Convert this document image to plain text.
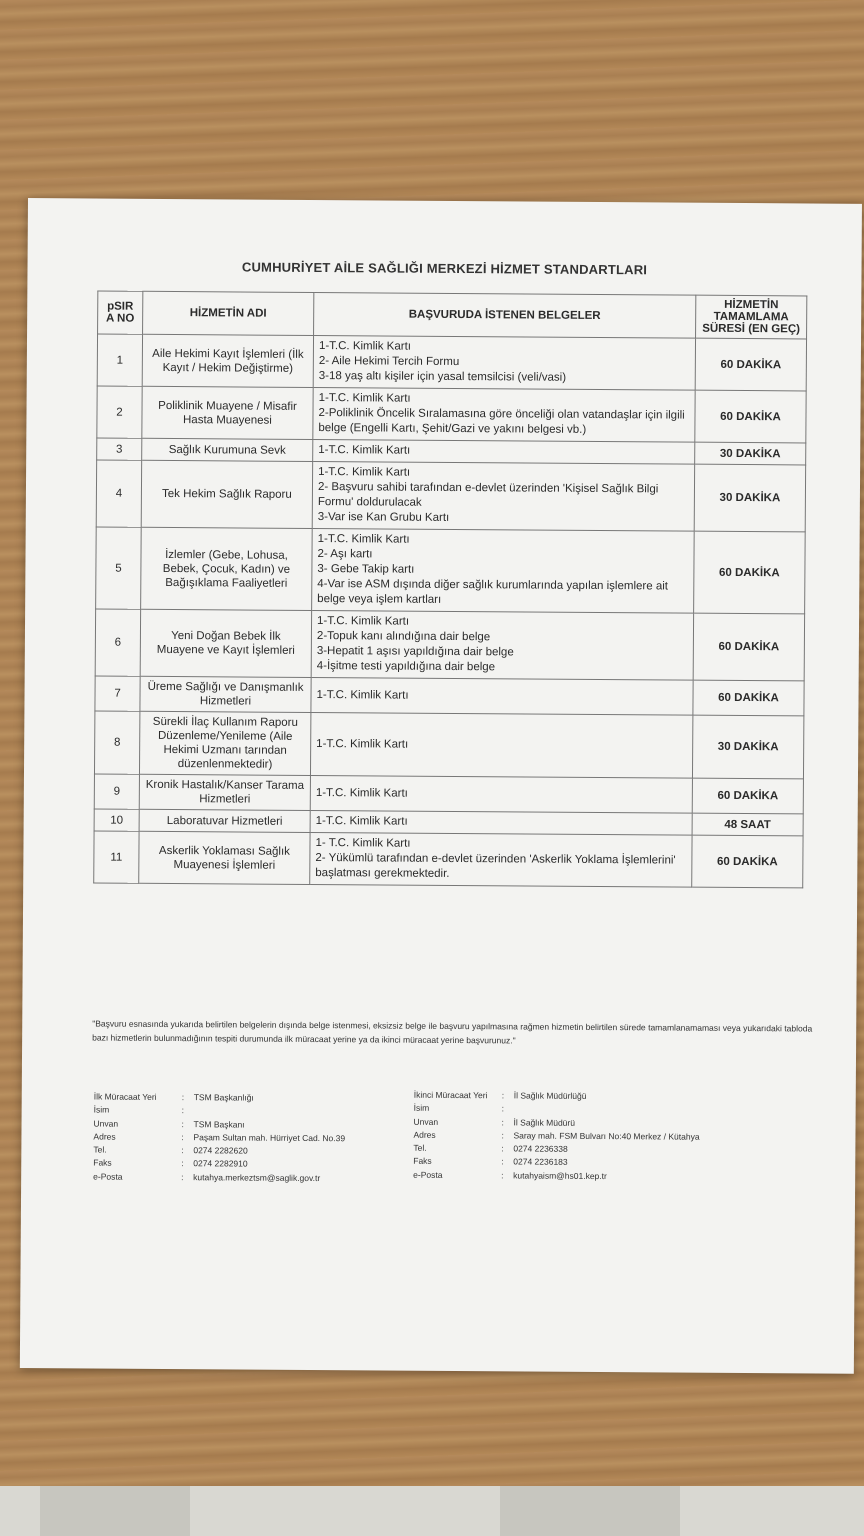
CUMHURİYET AİLE SAĞLIĞI MERKEZİ HİZMET STANDARTLARI
pSIR A NO	HİZMETİN ADI	BAŞVURUDA İSTENEN BELGELER	HİZMETİN TAMAMLAMA SÜRESİ (EN GEÇ)
1	Aile Hekimi Kayıt İşlemleri (İlk Kayıt / Hekim Değiştirme)	1-T.C. Kimlik Kartı
2- Aile Hekimi Tercih Formu
3-18 yaş altı kişiler için yasal temsilcisi (veli/vasi)	60 DAKİKA
2	Poliklinik Muayene / Misafir Hasta Muayenesi	1-T.C. Kimlik Kartı
2-Poliklinik Öncelik Sıralamasına göre önceliği olan vatandaşlar için ilgili belge (Engelli Kartı, Şehit/Gazi ve yakını belgesi vb.)	60 DAKİKA
3	Sağlık Kurumuna Sevk	1-T.C. Kimlik Kartı	30 DAKİKA
4	Tek Hekim Sağlık Raporu	1-T.C. Kimlik Kartı
2- Başvuru sahibi tarafından e-devlet üzerinden 'Kişisel Sağlık Bilgi Formu' doldurulacak
3-Var ise Kan Grubu Kartı	30 DAKİKA
5	İzlemler (Gebe, Lohusa, Bebek, Çocuk, Kadın) ve Bağışıklama Faaliyetleri	1-T.C. Kimlik Kartı
2- Aşı kartı
3- Gebe Takip kartı
4-Var ise ASM dışında diğer sağlık kurumlarında yapılan işlemlere ait belge veya işlem kartları	60 DAKİKA
6	Yeni Doğan Bebek İlk Muayene ve Kayıt İşlemleri	1-T.C. Kimlik Kartı
2-Topuk kanı alındığına dair belge
3-Hepatit 1 aşısı yapıldığına dair belge
4-İşitme testi yapıldığına dair belge	60 DAKİKA
7	Üreme Sağlığı ve Danışmanlık Hizmetleri	1-T.C. Kimlik Kartı	60 DAKİKA
8	Sürekli İlaç Kullanım Raporu Düzenleme/Yenileme (Aile Hekimi Uzmanı tarından düzenlenmektedir)	1-T.C. Kimlik Kartı	30 DAKİKA
9	Kronik Hastalık/Kanser Tarama Hizmetleri	1-T.C. Kimlik Kartı	60 DAKİKA
10	Laboratuvar Hizmetleri	1-T.C. Kimlik Kartı	48 SAAT
11	Askerlik Yoklaması Sağlık Muayenesi İşlemleri	1- T.C. Kimlik Kartı
2- Yükümlü tarafından e-devlet üzerinden 'Askerlik Yoklama İşlemlerini' başlatması gerekmektedir.	60 DAKİKA
"Başvuru esnasında yukarıda belirtilen belgelerin dışında belge istenmesi, eksizsiz belge ile başvuru yapılmasına rağmen hizmetin belirtilen sürede tamamlanamaması veya yukarıdaki tabloda bazı hizmetlerin bulunmadığının tespiti durumunda ilk müracaat yerine ya da ikinci müracaat yerine başvurunuz."
İlk Müracaat Yeri	:	TSM Başkanlığı
İsim	:
Unvan	:	TSM Başkanı
Adres	:	Paşam Sultan mah. Hürriyet Cad. No.39
Tel.	:	0274 2282620
Faks	:	0274 2282910
e-Posta	:	kutahya.merkeztsm@saglik.gov.tr
İkinci Müracaat Yeri	:	İl Sağlık Müdürlüğü
İsim	:
Unvan	:	İl Sağlık Müdürü
Adres	:	Saray mah. FSM Bulvarı No:40 Merkez / Kütahya
Tel.	:	0274 2236338
Faks	:	0274 2236183
e-Posta	:	kutahyaism@hs01.kep.tr
